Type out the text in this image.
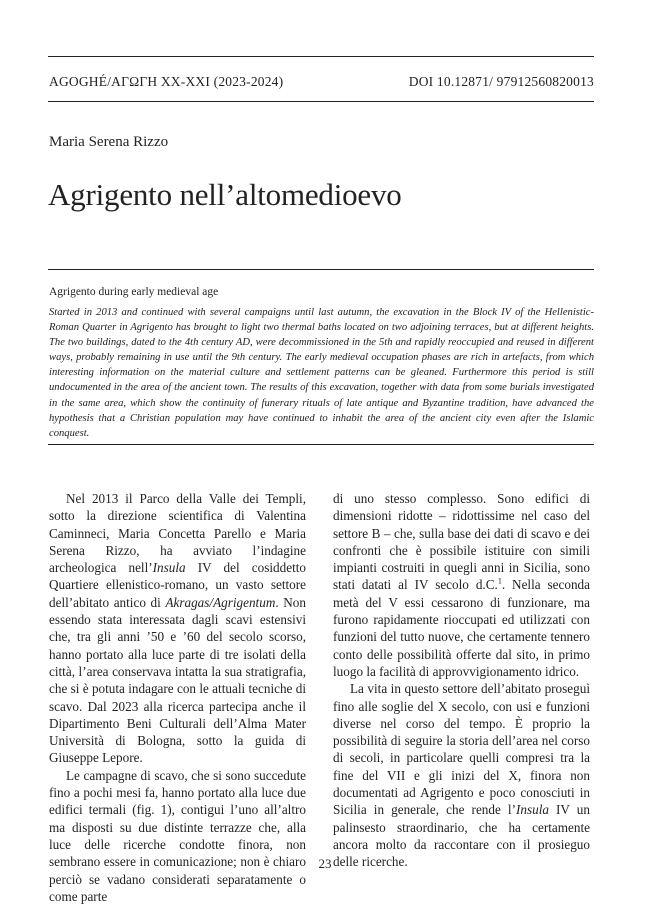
AGOGHÉ/ΑΓΩΓΗ XX-XXI (2023-2024)	DOI 10.12871/ 97912560820013
Maria Serena Rizzo
Agrigento nell’altomedioevo
Agrigento during early medieval age

Started in 2013 and continued with several campaigns until last autumn, the excavation in the Block IV of the Hellenistic-Roman Quarter in Agrigento has brought to light two thermal baths located on two adjoining terraces, but at different heights. The two buildings, dated to the 4th century AD, were decommissioned in the 5th and rapidly reoccupied and reused in different ways, probably remaining in use until the 9th century. The early medieval occupation phases are rich in artefacts, from which interesting information on the material culture and settlement patterns can be gleaned. Furthermore this period is still undocumented in the area of the ancient town. The results of this excavation, together with data from some burials investigated in the same area, which show the continuity of funerary rituals of late antique and Byzantine tradition, have advanced the hypothesis that a Christian population may have continued to inhabit the area of the ancient city even after the Islamic conquest.

Nel 2013 il Parco della Valle dei Templi, sotto la direzione scientifica di Valentina Caminneci, Maria Concetta Parello e Maria Serena Rizzo, ha avviato l’indagine archeologica nell’Insula IV del cosiddetto Quartiere ellenistico-romano, un vasto settore dell’abitato antico di Akragas/Agrigentum. Non essendo stata interessata dagli scavi estensivi che, tra gli anni ’50 e ’60 del secolo scorso, hanno portato alla luce parte di tre isolati della città, l’area conservava intatta la sua stratigrafia, che si è potuta indagare con le attuali tecniche di scavo. Dal 2023 alla ricerca partecipa anche il Dipartimento Beni Culturali dell’Alma Mater Università di Bologna, sotto la guida di Giuseppe Lepore.

Le campagne di scavo, che si sono succedute fino a pochi mesi fa, hanno portato alla luce due edifici termali (fig. 1), contigui l’uno all’altro ma disposti su due distinte terrazze che, alla luce delle ricerche condotte finora, non sembrano essere in comunicazione; non è chiaro perciò se vadano considerati separatamente o come parte

di uno stesso complesso. Sono edifici di dimensioni ridotte – ridottissime nel caso del settore B – che, sulla base dei dati di scavo e dei confronti che è possibile istituire con simili impianti costruiti in quegli anni in Sicilia, sono stati datati al IV secolo d.C.$^1$. Nella seconda metà del V essi cessarono di funzionare, ma furono rapidamente rioccupati ed utilizzati con funzioni del tutto nuove, che certamente tennero conto delle possibilità offerte dal sito, in primo luogo la facilità di approvvigionamento idrico.

La vita in questo settore dell’abitato proseguì fino alle soglie del X secolo, con usi e funzioni diverse nel corso del tempo. È proprio la possibilità di seguire la storia dell’area nel corso di secoli, in particolare quelli compresi tra la fine del VII e gli inizi del X, finora non documentati ad Agrigento e poco conosciuti in Sicilia in generale, che rende l’Insula IV un palinsesto straordinario, che ha certamente ancora molto da raccontare con il prosieguo delle ricerche.

23
